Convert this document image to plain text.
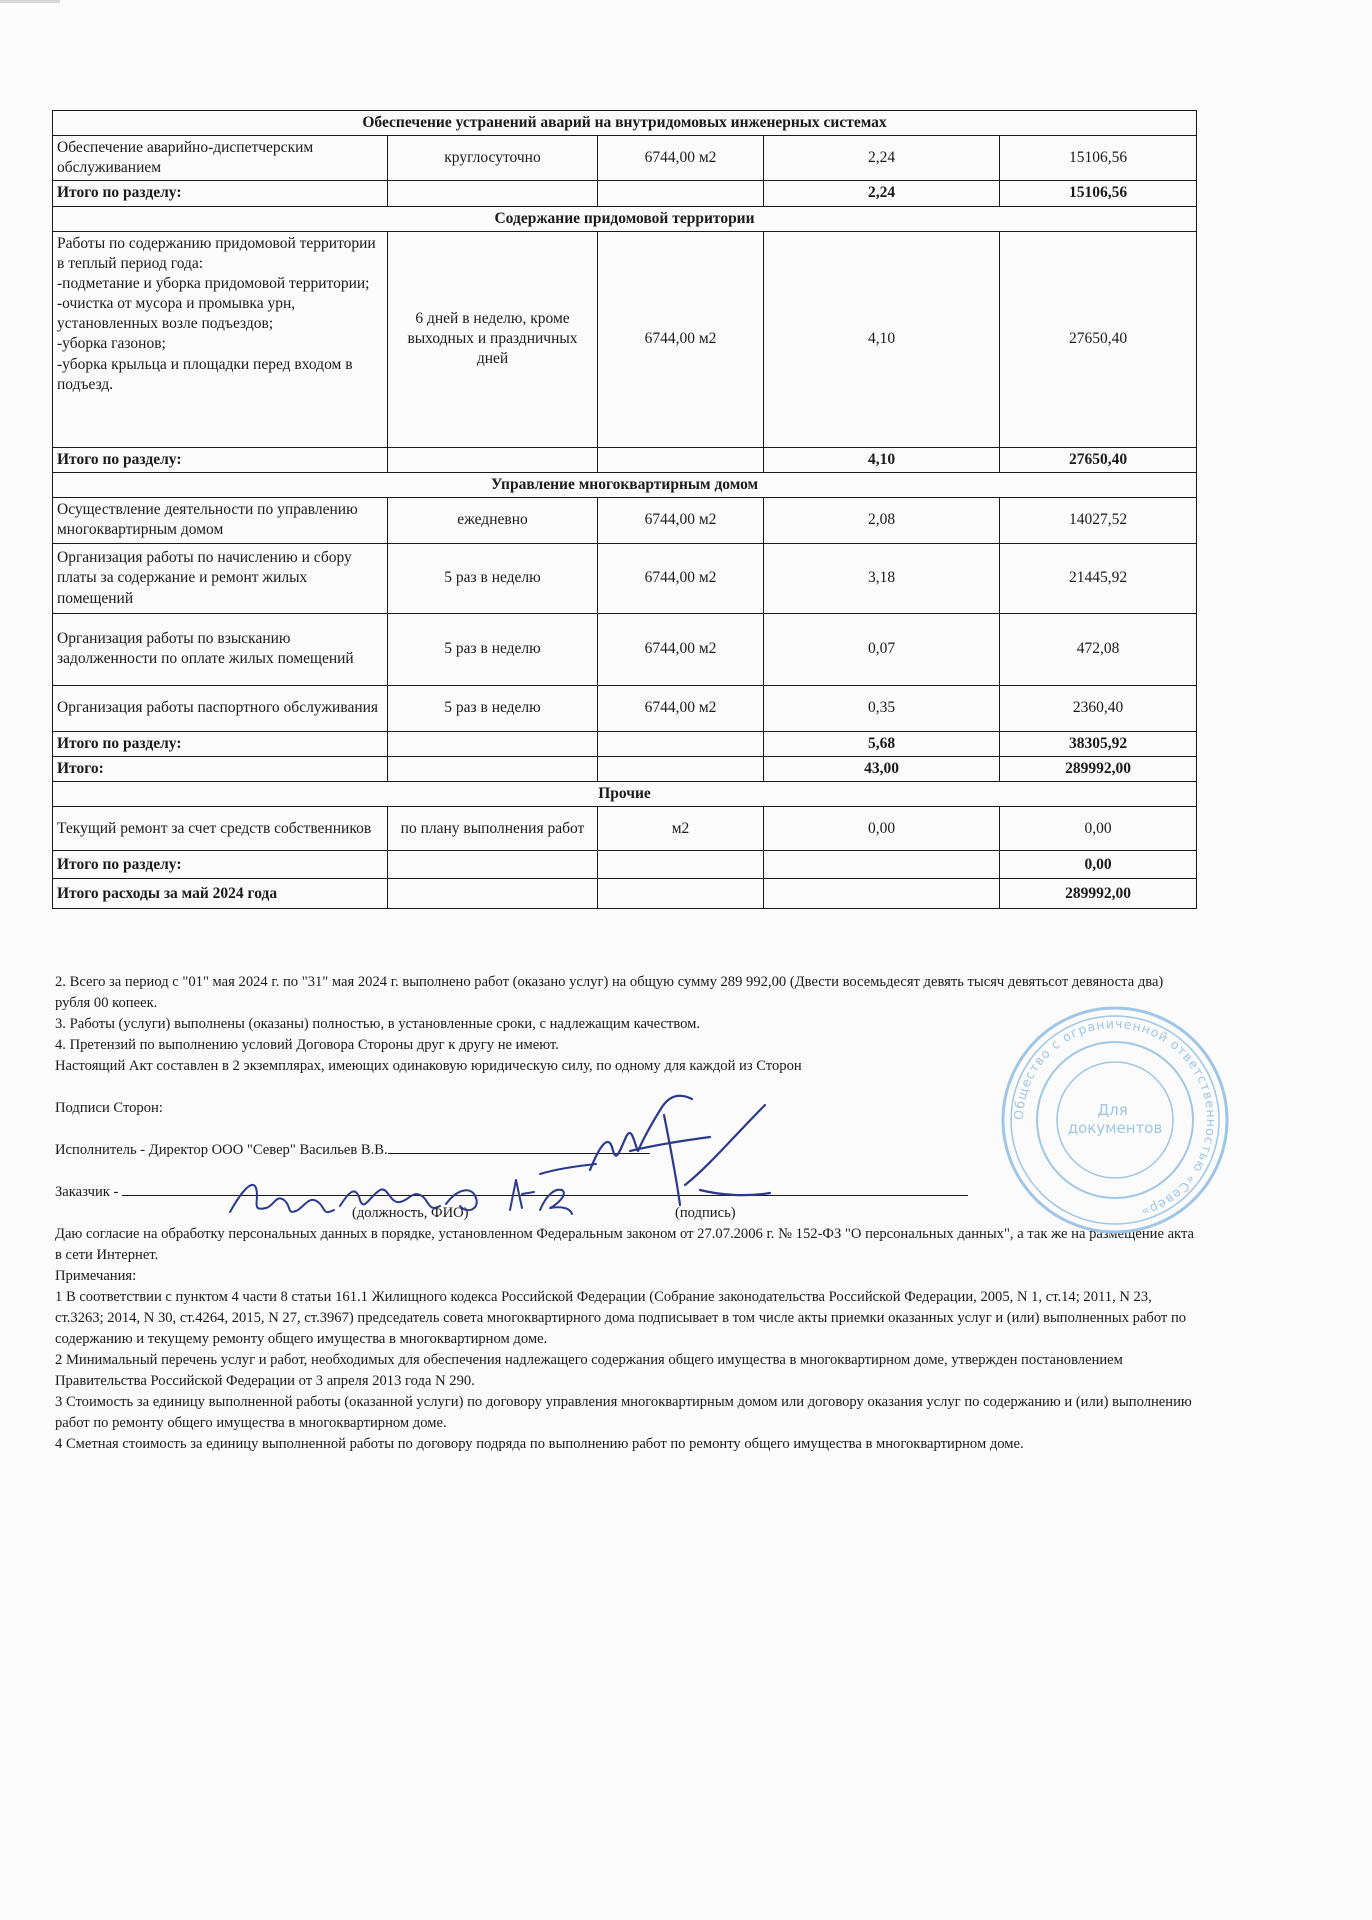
Обеспечение устранений аварий на внутридомовых инженерных системах				
Обеспечение аварийно-диспетчерским обслуживанием	круглосуточно	6744,00 м2	2,24	15106,56
Итого по разделу:			2,24	15106,56
Содержание придомовой территории				
Работы по содержанию придомовой территории в теплый период года:
-подметание и уборка придомовой территории;
-очистка от мусора и промывка урн, установленных возле подъездов;
-уборка газонов;
-уборка крыльца и площадки перед входом в подъезд.	6 дней в неделю, кроме выходных и праздничных дней	6744,00 м2	4,10	27650,40
Итого по разделу:			4,10	27650,40
Управление многоквартирным домом				
Осуществление деятельности по управлению многоквартирным домом	ежедневно	6744,00 м2	2,08	14027,52
Организация работы по начислению и сбору платы за содержание и ремонт жилых помещений	5 раз в неделю	6744,00 м2	3,18	21445,92
Организация работы по взысканию задолженности по оплате жилых помещений	5 раз в неделю	6744,00 м2	0,07	472,08
Организация работы паспортного обслуживания	5 раз в неделю	6744,00 м2	0,35	2360,40
Итого по разделу:			5,68	38305,92
Итого:			43,00	289992,00
Прочие				
Текущий ремонт за счет средств собственников	по плану выполнения работ	м2	0,00	0,00
Итого по разделу:				0,00
Итого расходы за май 2024 года				289992,00

2. Всего за период с "01" мая 2024 г. по "31" мая 2024 г. выполнено работ (оказано услуг) на общую сумму 289 992,00 (Двести восемьдесят девять тысяч девятьсот девяноста два) рубля 00 копеек.

3. Работы (услуги) выполнены (оказаны) полностью, в установленные сроки, с надлежащим качеством.

4. Претензий по выполнению условий Договора Стороны друг к другу не имеют.

Настоящий Акт составлен в 2 экземплярах, имеющих одинаковую юридическую силу, по одному для каждой из Сторон

Подписи Сторон:

Исполнитель - Директор ООО "Север" Васильев В.В.

Заказчик -

(должность, ФИО)	(подпись)

Даю согласие на обработку персональных данных в порядке, установленном Федеральным законом от 27.07.2006 г. № 152-ФЗ "О персональных данных", а так же на размещение акта в сети Интернет.

Примечания:

1 В соответствии с пунктом 4 части 8 статьи 161.1 Жилищного кодекса Российской Федерации (Собрание законодательства Российской Федерации, 2005, N 1, ст.14; 2011, N 23, ст.3263; 2014, N 30, ст.4264, 2015, N 27, ст.3967) председатель совета многоквартирного дома подписывает в том числе акты приемки оказанных услуг и (или) выполненных работ по содержанию и текущему ремонту общего имущества в многоквартирном доме.

2 Минимальный перечень услуг и работ, необходимых для обеспечения надлежащего содержания общего имущества в многоквартирном доме, утвержден постановлением Правительства Российской Федерации от 3 апреля 2013 года N 290.

3 Стоимость за единицу выполненной работы (оказанной услуги) по договору управления многоквартирным домом или договору оказания услуг по содержанию и (или) выполнению работ по ремонту общего имущества в многоквартирном доме.

4 Сметная стоимость за единицу выполненной работы по договору подряда по выполнению работ по ремонту общего имущества в многоквартирном доме.

Общество с ограниченной ответственностью «Север»
Для документов
